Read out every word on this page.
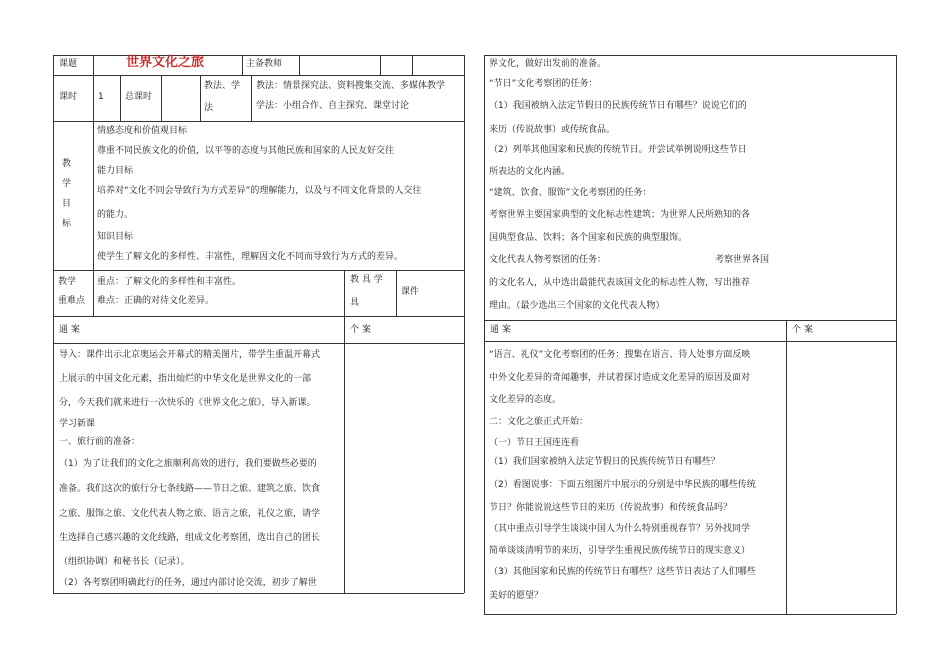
课题	世界文化之旅	主备教师
课时 1 总课时
教法、学
法
教法：情景探究法、资料搜集交流、多媒体教学
学法：小组合作、自主探究、课堂讨论
教
学
目
标
情感态度和价值观目标
尊重不同民族文化的价值，以平等的态度与其他民族和国家的人民友好交往
能力目标
培养对“文化不同会导致行为方式差异”的理解能力，以及与不同文化背景的人交往
的能力。
知识目标
使学生了解文化的多样性、丰富性，理解因文化不同而导致行为方式的差异。
教学
重难点
重点：了解文化的多样性和丰富性。
难点：正确的对待文化差异。
教 具 学
具
课件
通 案	个 案
导入：课件出示北京奥运会开幕式的精美图片，带学生重温开幕式
上展示的中国文化元素，指出灿烂的中华文化是世界文化的一部
分，今天我们就来进行一次快乐的《世界文化之旅》，导入新课。
学习新课
一、旅行前的准备：
（1）为了让我们的文化之旅顺利高效的进行，我们要做些必要的
准备。我们这次的旅行分七条线路——节日之旅、建筑之旅、饮食
之旅、服饰之旅、文化代表人物之旅、语言之旅，礼仪之旅，请学
生选择自己感兴趣的文化线路，组成文化考察团，选出自己的团长
（组织协调）和秘书长（记录）。
（2）各考察团明确此行的任务，通过内部讨论交流，初步了解世
界文化，做好出发前的准备。
“节日”文化考察团的任务：
（1）我国被纳入法定节假日的民族传统节日有哪些？说说它们的
来历（传说故事）或传统食品。
（2）列举其他国家和民族的传统节日。并尝试举例说明这些节日
所表达的文化内涵。
“建筑、饮食、服饰”文化考察团的任务：
考察世界主要国家典型的文化标志性建筑；为世界人民所熟知的各
国典型食品、饮料；各个国家和民族的典型服饰。
文化代表人物考察团的任务：	考察世界各国
的文化名人，从中选出最能代表该国文化的标志性人物，写出推荐
理由。（最少选出三个国家的文化代表人物）
通 案	个 案
“语言、礼仪”文化考察团的任务：搜集在语言、待人处事方面反映
中外文化差异的奇闻趣事，并试着探讨造成文化差异的原因及面对
文化差异的态度。
二：文化之旅正式开始：
（一）节日王国连连看
（1）我们国家被纳入法定节假日的民族传统节日有哪些？
（2）看图说事：下面五组图片中展示的分别是中华民族的哪些传统
节日？你能说说这些节日的来历（传说故事）和传统食品吗？
（其中重点引导学生谈谈中国人为什么特别重视春节？另外找同学
简单谈谈清明节的来历，引导学生重视民族传统节日的现实意义）
（3）其他国家和民族的传统节日有哪些？这些节日表达了人们哪些
美好的愿望？
